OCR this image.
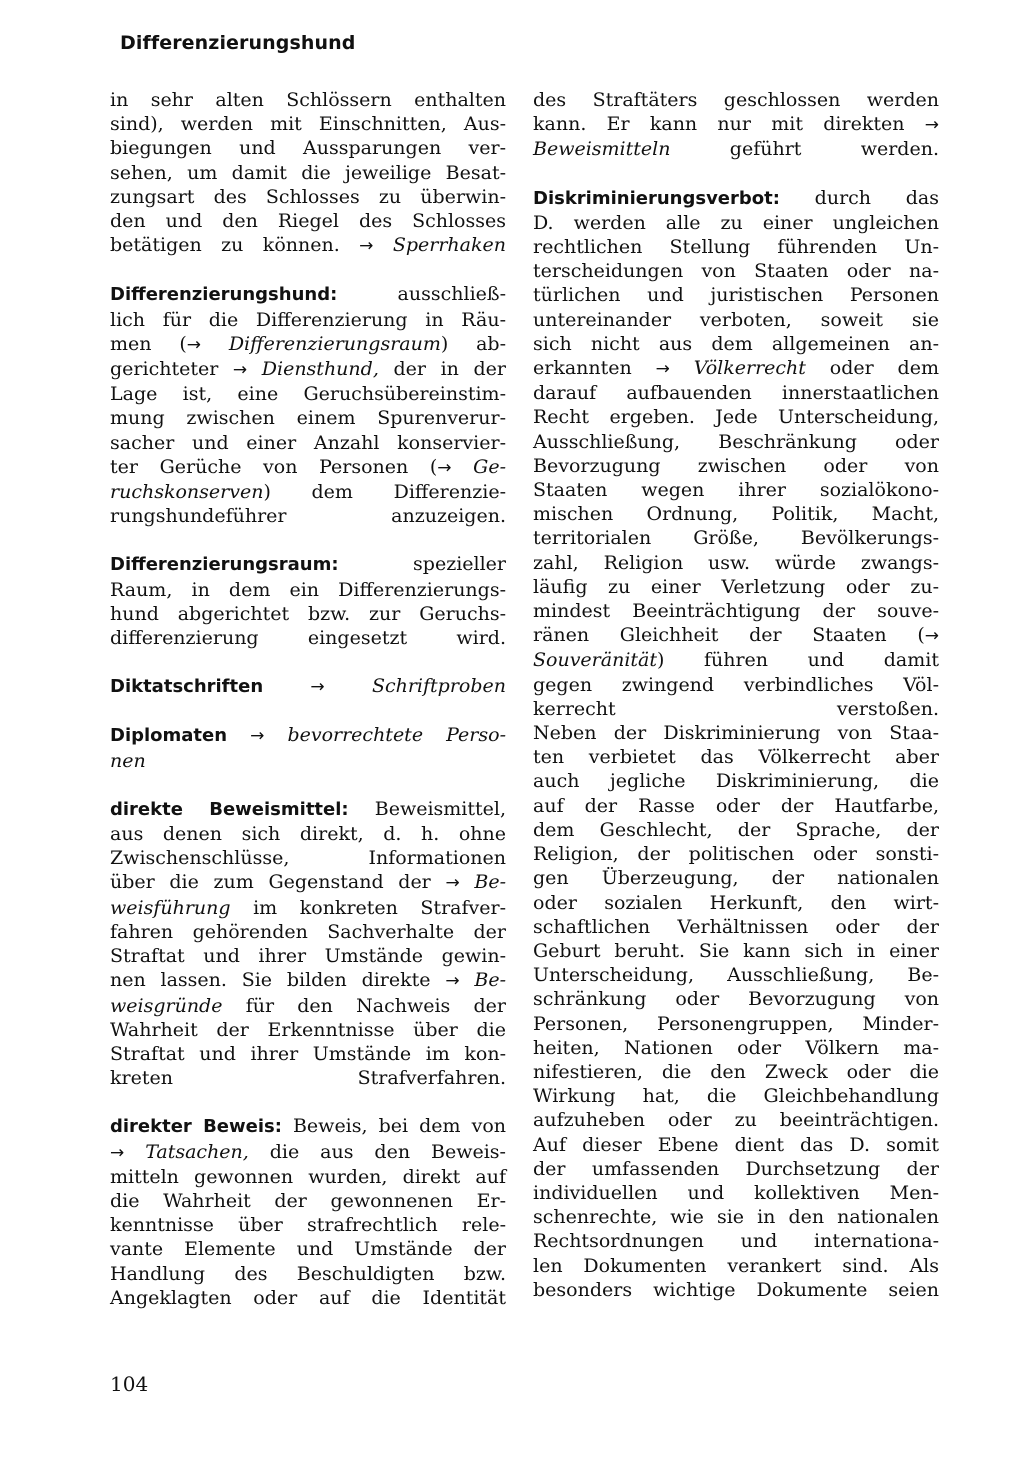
Differenzierungshund

in sehr alten Schlössern enthalten
sind), werden mit Einschnitten, Aus-
biegungen und Aussparungen ver-
sehen, um damit die jeweilige Besat-
zungsart des Schlosses zu überwin-
den und den Riegel des Schlosses
betätigen zu können. → Sperrhaken

Differenzierungshund:	ausschließ-
lich für die Differenzierung in Räu-
men (→ Differenzierungsraum) ab-
gerichteter → Diensthund, der in der
Lage ist, eine Geruchsübereinstim-
mung zwischen einem Spurenverur-
sacher und einer Anzahl konservier-
ter Gerüche von Personen (→ Ge-
ruchskonserven) dem Differenzie-
rungshundeführer anzuzeigen.

Differenzierungsraum:	spezieller
Raum, in dem ein Differenzierungs-
hund abgerichtet bzw. zur Geruchs-
differenzierung eingesetzt wird.

Diktatschriften	→ Schriftproben

Diplomaten → bevorrechtete Perso-
nen

direkte Beweismittel: Beweismittel,
aus denen sich direkt, d. h. ohne
Zwischenschlüsse, Informationen
über die zum Gegenstand der → Be-
weisführung im konkreten Strafver-
fahren gehörenden Sachverhalte der
Straftat und ihrer Umstände gewin-
nen lassen. Sie bilden direkte → Be-
weisgründe für den Nachweis der
Wahrheit der Erkenntnisse über die
Straftat und ihrer Umstände im kon-
kreten Strafverfahren.

direkter Beweis: Beweis, bei dem von
→ Tatsachen, die aus den Beweis-
mitteln gewonnen wurden, direkt auf
die Wahrheit der gewonnenen Er-
kenntnisse über strafrechtlich rele-
vante Elemente und Umstände der
Handlung des Beschuldigten bzw.
Angeklagten oder auf die Identität

des Straftäters geschlossen werden
kann. Er kann nur mit direkten →
Beweismitteln	geführt werden.

Diskriminierungsverbot: durch das
D. werden alle zu einer ungleichen
rechtlichen Stellung führenden Un-
terscheidungen von Staaten oder na-
türlichen und juristischen Personen
untereinander verboten, soweit sie
sich nicht aus dem allgemeinen an-
erkannten → Völkerrecht oder dem
darauf aufbauenden innerstaatlichen
Recht ergeben. Jede Unterscheidung,
Ausschließung, Beschränkung oder
Bevorzugung zwischen oder von
Staaten wegen ihrer sozialökono-
mischen Ordnung, Politik, Macht,
territorialen Größe, Bevölkerungs-
zahl, Religion usw. würde zwangs-
läufig zu einer Verletzung oder zu-
mindest Beeinträchtigung der souve-
ränen Gleichheit der Staaten (→
Souveränität) führen und damit
gegen zwingend verbindliches Völ-
kerrecht verstoßen.
Neben der Diskriminierung von Staa-
ten verbietet das Völkerrecht aber
auch jegliche Diskriminierung, die
auf der Rasse oder der Hautfarbe,
dem Geschlecht, der Sprache, der
Religion, der politischen oder sonsti-
gen Überzeugung, der nationalen
oder sozialen Herkunft, den wirt-
schaftlichen Verhältnissen oder der
Geburt beruht. Sie kann sich in einer
Unterscheidung, Ausschließung, Be-
schränkung oder Bevorzugung von
Personen, Personengruppen, Minder-
heiten, Nationen oder Völkern ma-
nifestieren, die den Zweck oder die
Wirkung hat, die Gleichbehandlung
aufzuheben oder zu beeinträchtigen.
Auf dieser Ebene dient das D. somit
der umfassenden Durchsetzung der
individuellen und kollektiven Men-
schenrechte, wie sie in den nationalen
Rechtsordnungen und internationa-
len Dokumenten verankert sind. Als
besonders wichtige Dokumente seien

104
